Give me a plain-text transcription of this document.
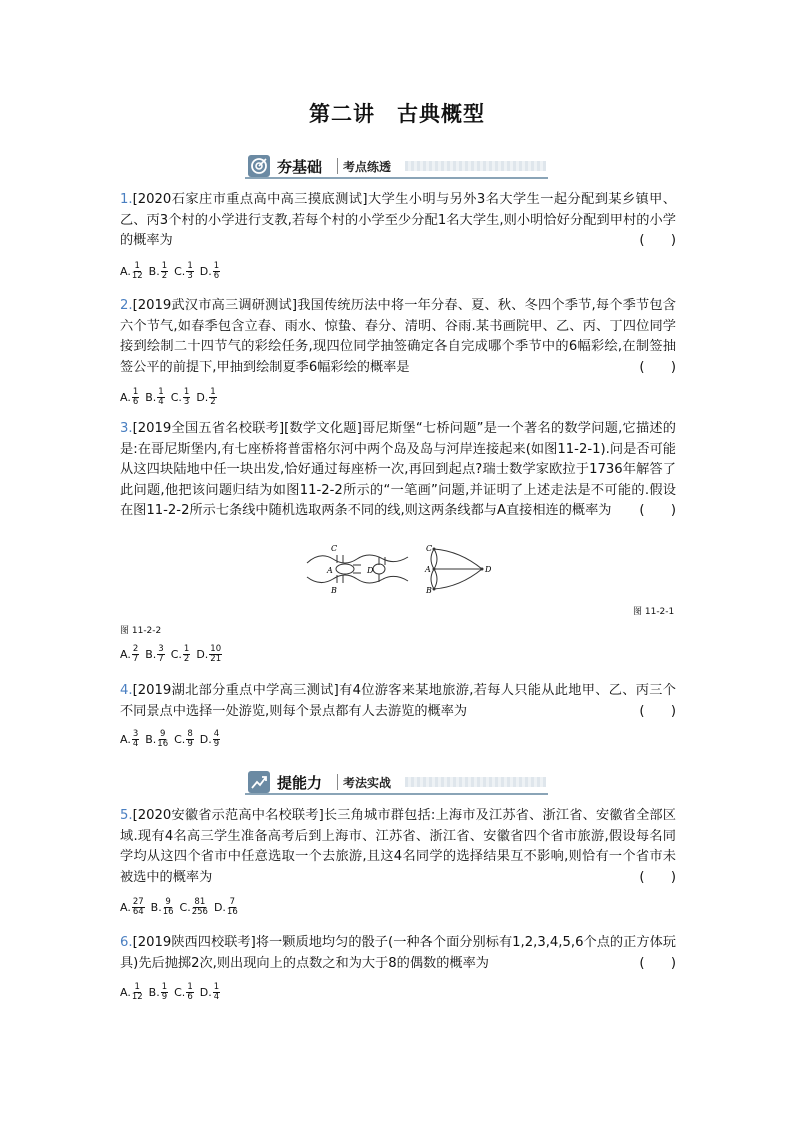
第二讲　古典概型
夯基础 考点练透
1.[2020石家庄市重点高中高三摸底测试]大学生小明与另外3名大学生一起分配到某乡镇甲、乙、丙3个村的小学进行支教,若每个村的小学至少分配1名大学生,则小明恰好分配到甲村的小学的概率为	(　　)
A. $\frac{1}{12} B$. $\frac{1}{2} C$. $\frac{1}{3} D$. $\frac{1}{6}$
2.[2019武汉市高三调研测试]我国传统历法中将一年分春、夏、秋、冬四个季节,每个季节包含六个节气,如春季包含立春、雨水、惊蛰、春分、清明、谷雨.某书画院甲、乙、丙、丁四位同学接到绘制二十四节气的彩绘任务,现四位同学抽签确定各自完成哪个季节中的6幅彩绘,在制签抽签公平的前提下,甲抽到绘制夏季6幅彩绘的概率是	(　　)
A. $\frac{1}{6} B$. $\frac{1}{4} C$. $\frac{1}{3} D$. $\frac{1}{2}$
3.[2019全国五省名校联考][数学文化题]哥尼斯堡“七桥问题”是一个著名的数学问题,它描述的是:在哥尼斯堡内,有七座桥将普雷格尔河中两个岛及岛与河岸连接起来(如图11-2-1).问是否可能从这四块陆地中任一块出发,恰好通过每座桥一次,再回到起点?瑞士数学家欧拉于1736年解答了此问题,他把该问题归结为如图11-2-2所示的“一笔画”问题,并证明了上述走法是不可能的.假设在图11-2-2所示七条线中随机选取两条不同的线,则这两条线都与A直接相连的概率为 (　　)
C
A	D
B
C
A
B
D
图 11-2-1
图 11-2-2
A. $\frac{2}{7} B$. $\frac{3}{7} C$. $\frac{1}{2} D$. $\frac{10}{21}$
4.[2019湖北部分重点中学高三测试]有4位游客来某地旅游,若每人只能从此地甲、乙、丙三个不同景点中选择一处游览,则每个景点都有人去游览的概率为	(　　)
A. $\frac{3}{4} B$. $\frac{9}{16} C$. $\frac{8}{9} D$. $\frac{4}{9}$
提能力 考法实战
5.[2020安徽省示范高中名校联考]长三角城市群包括:上海市及江苏省、浙江省、安徽省全部区域.现有4名高三学生准备高考后到上海市、江苏省、浙江省、安徽省四个省市旅游,假设每名同学均从这四个省市中任意选取一个去旅游,且这4名同学的选择结果互不影响,则恰有一个省市未被选中的概率为	(　　)
A. $\frac{27}{64} B$. $\frac{9}{16} C$. $\frac{81}{256} D$. $\frac{7}{16}$
6.[2019陕西四校联考]将一颗质地均匀的骰子(一种各个面分别标有1,2,3,4,5,6个点的正方体玩具)先后抛掷2次,则出现向上的点数之和为大于8的偶数的概率为	(　　)
A. $\frac{1}{12} B$. $\frac{1}{9} C$. $\frac{1}{6} D$. $\frac{1}{4}$
